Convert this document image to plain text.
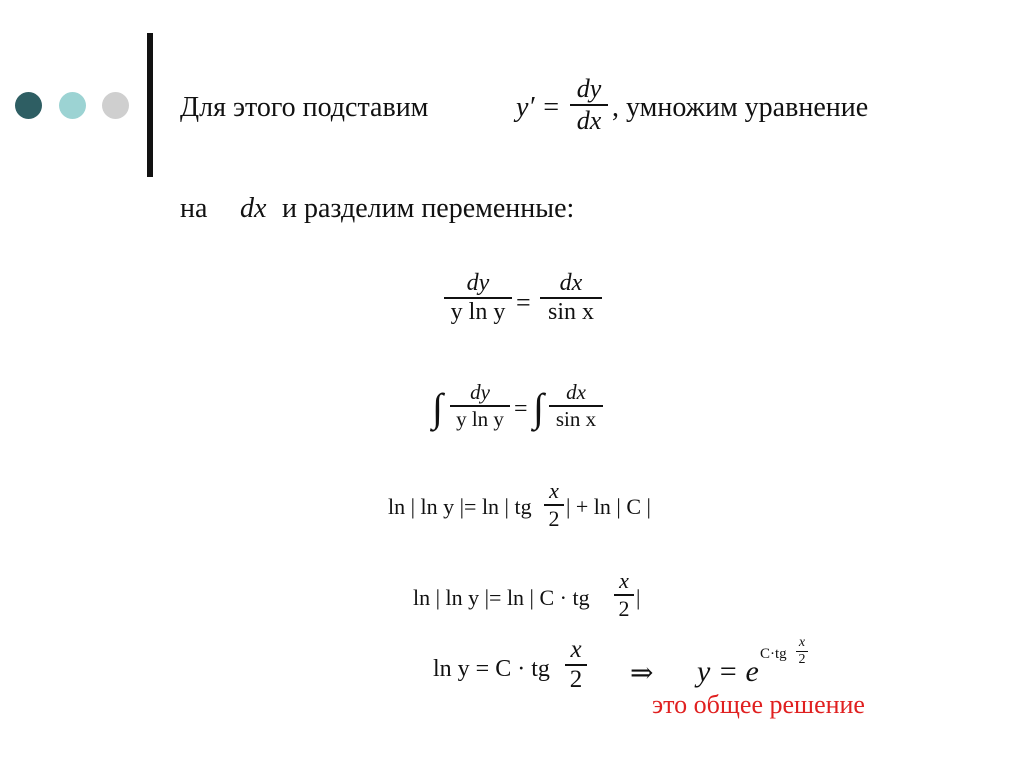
Для этого подставим	y′ =
dy
dx , умножим уравнение
на dx и разделим переменные:
dy
y ln y =
dx
sin x
∫	dy
y ln y = ∫	dx
sin x
ln | ln y |= ln | tg
x
2 | + ln | C |
ln | ln y |= ln | C · tg
x
2 |
ln y = C · tg
x
2 ⇒ y = e
C·tg
x
2
это общее решение
